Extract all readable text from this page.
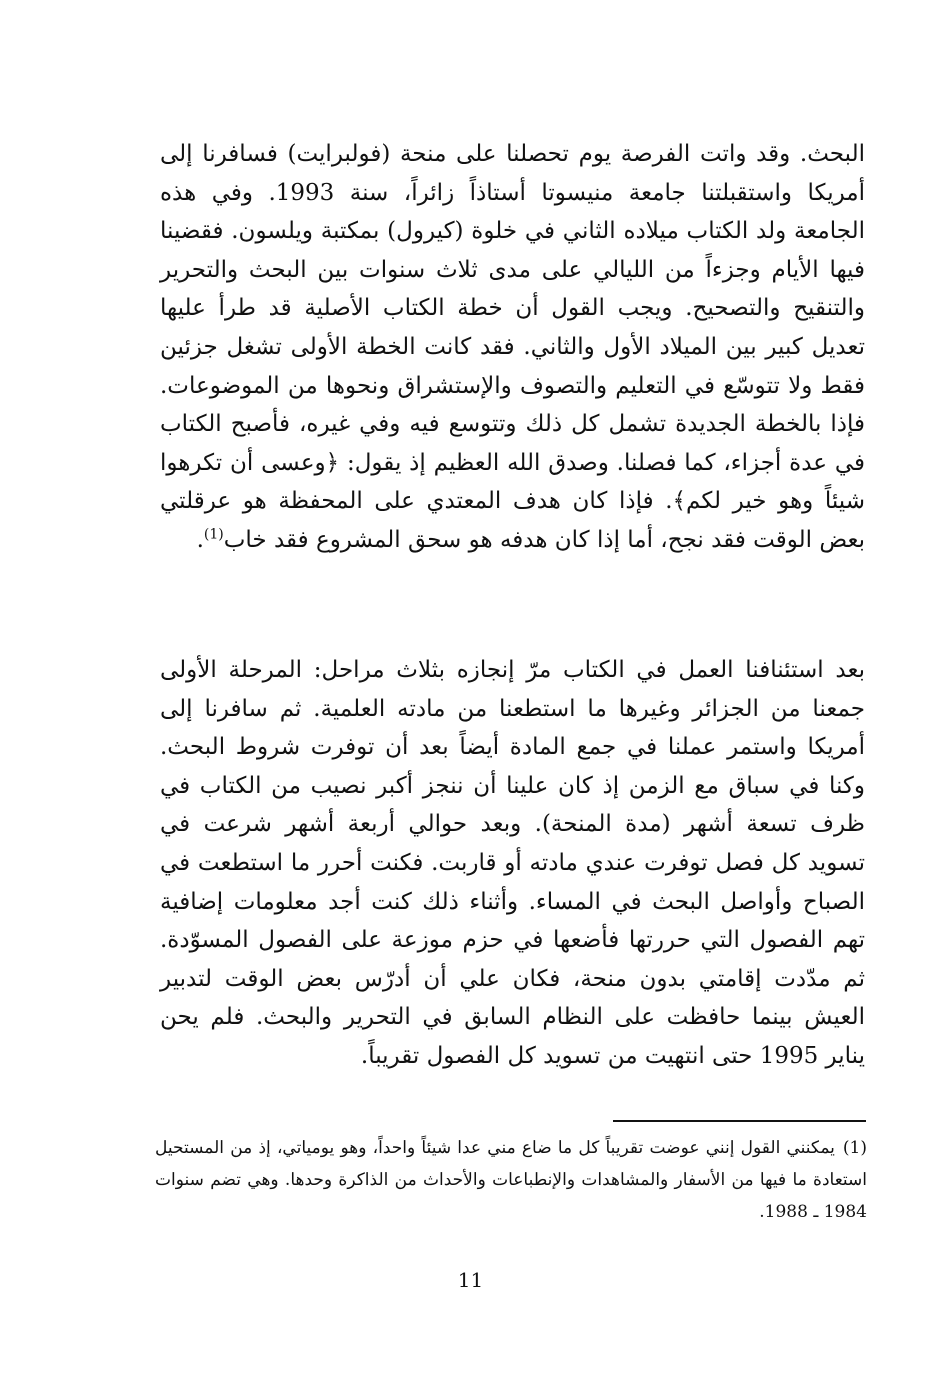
البحث. وقد واتت الفرصة يوم تحصلنا على منحة (فولبرايت) فسافرنا إلى أمريكا واستقبلتنا جامعة منيسوتا أستاذاً زائراً، سنة 1993. وفي هذه الجامعة ولد الكتاب ميلاده الثاني في خلوة (كيرول) بمكتبة ويلسون. فقضينا فيها الأيام وجزءاً من الليالي على مدى ثلاث سنوات بين البحث والتحرير والتنقيح والتصحيح. ويجب القول أن خطة الكتاب الأصلية قد طرأ عليها تعديل كبير بين الميلاد الأول والثاني. فقد كانت الخطة الأولى تشغل جزئين فقط ولا تتوسّع في التعليم والتصوف والإستشراق ونحوها من الموضوعات. فإذا بالخطة الجديدة تشمل كل ذلك وتتوسع فيه وفي غيره، فأصبح الكتاب في عدة أجزاء، كما فصلنا. وصدق الله العظيم إذ يقول: ﴿وعسى أن تكرهوا شيئاً وهو خير لكم﴾. فإذا كان هدف المعتدي على المحفظة هو عرقلتي بعض الوقت فقد نجح، أما إذا كان هدفه هو سحق المشروع فقد خاب$^{(1)}$.

بعد استئنافنا العمل في الكتاب مرّ إنجازه بثلاث مراحل: المرحلة الأولى جمعنا من الجزائر وغيرها ما استطعنا من مادته العلمية. ثم سافرنا إلى أمريكا واستمر عملنا في جمع المادة أيضاً بعد أن توفرت شروط البحث. وكنا في سباق مع الزمن إذ كان علينا أن ننجز أكبر نصيب من الكتاب في ظرف تسعة أشهر (مدة المنحة). وبعد حوالي أربعة أشهر شرعت في تسويد كل فصل توفرت عندي مادته أو قاربت. فكنت أحرر ما استطعت في الصباح وأواصل البحث في المساء. وأثناء ذلك كنت أجد معلومات إضافية تهم الفصول التي حررتها فأضعها في حزم موزعة على الفصول المسوّدة. ثم مدّدت إقامتي بدون منحة، فكان علي أن أدرّس بعض الوقت لتدبير العيش بينما حافظت على النظام السابق في التحرير والبحث. فلم يحن يناير 1995 حتى انتهيت من تسويد كل الفصول تقريباً.

(1)يمكنني القول إنني عوضت تقريباً كل ما ضاع مني عدا شيئاً واحداً، وهو يومياتي، إذ من المستحيل استعادة ما فيها من الأسفار والمشاهدات والإنطباعات والأحداث من الذاكرة وحدها. وهي تضم سنوات 1984 ـ 1988.
11
